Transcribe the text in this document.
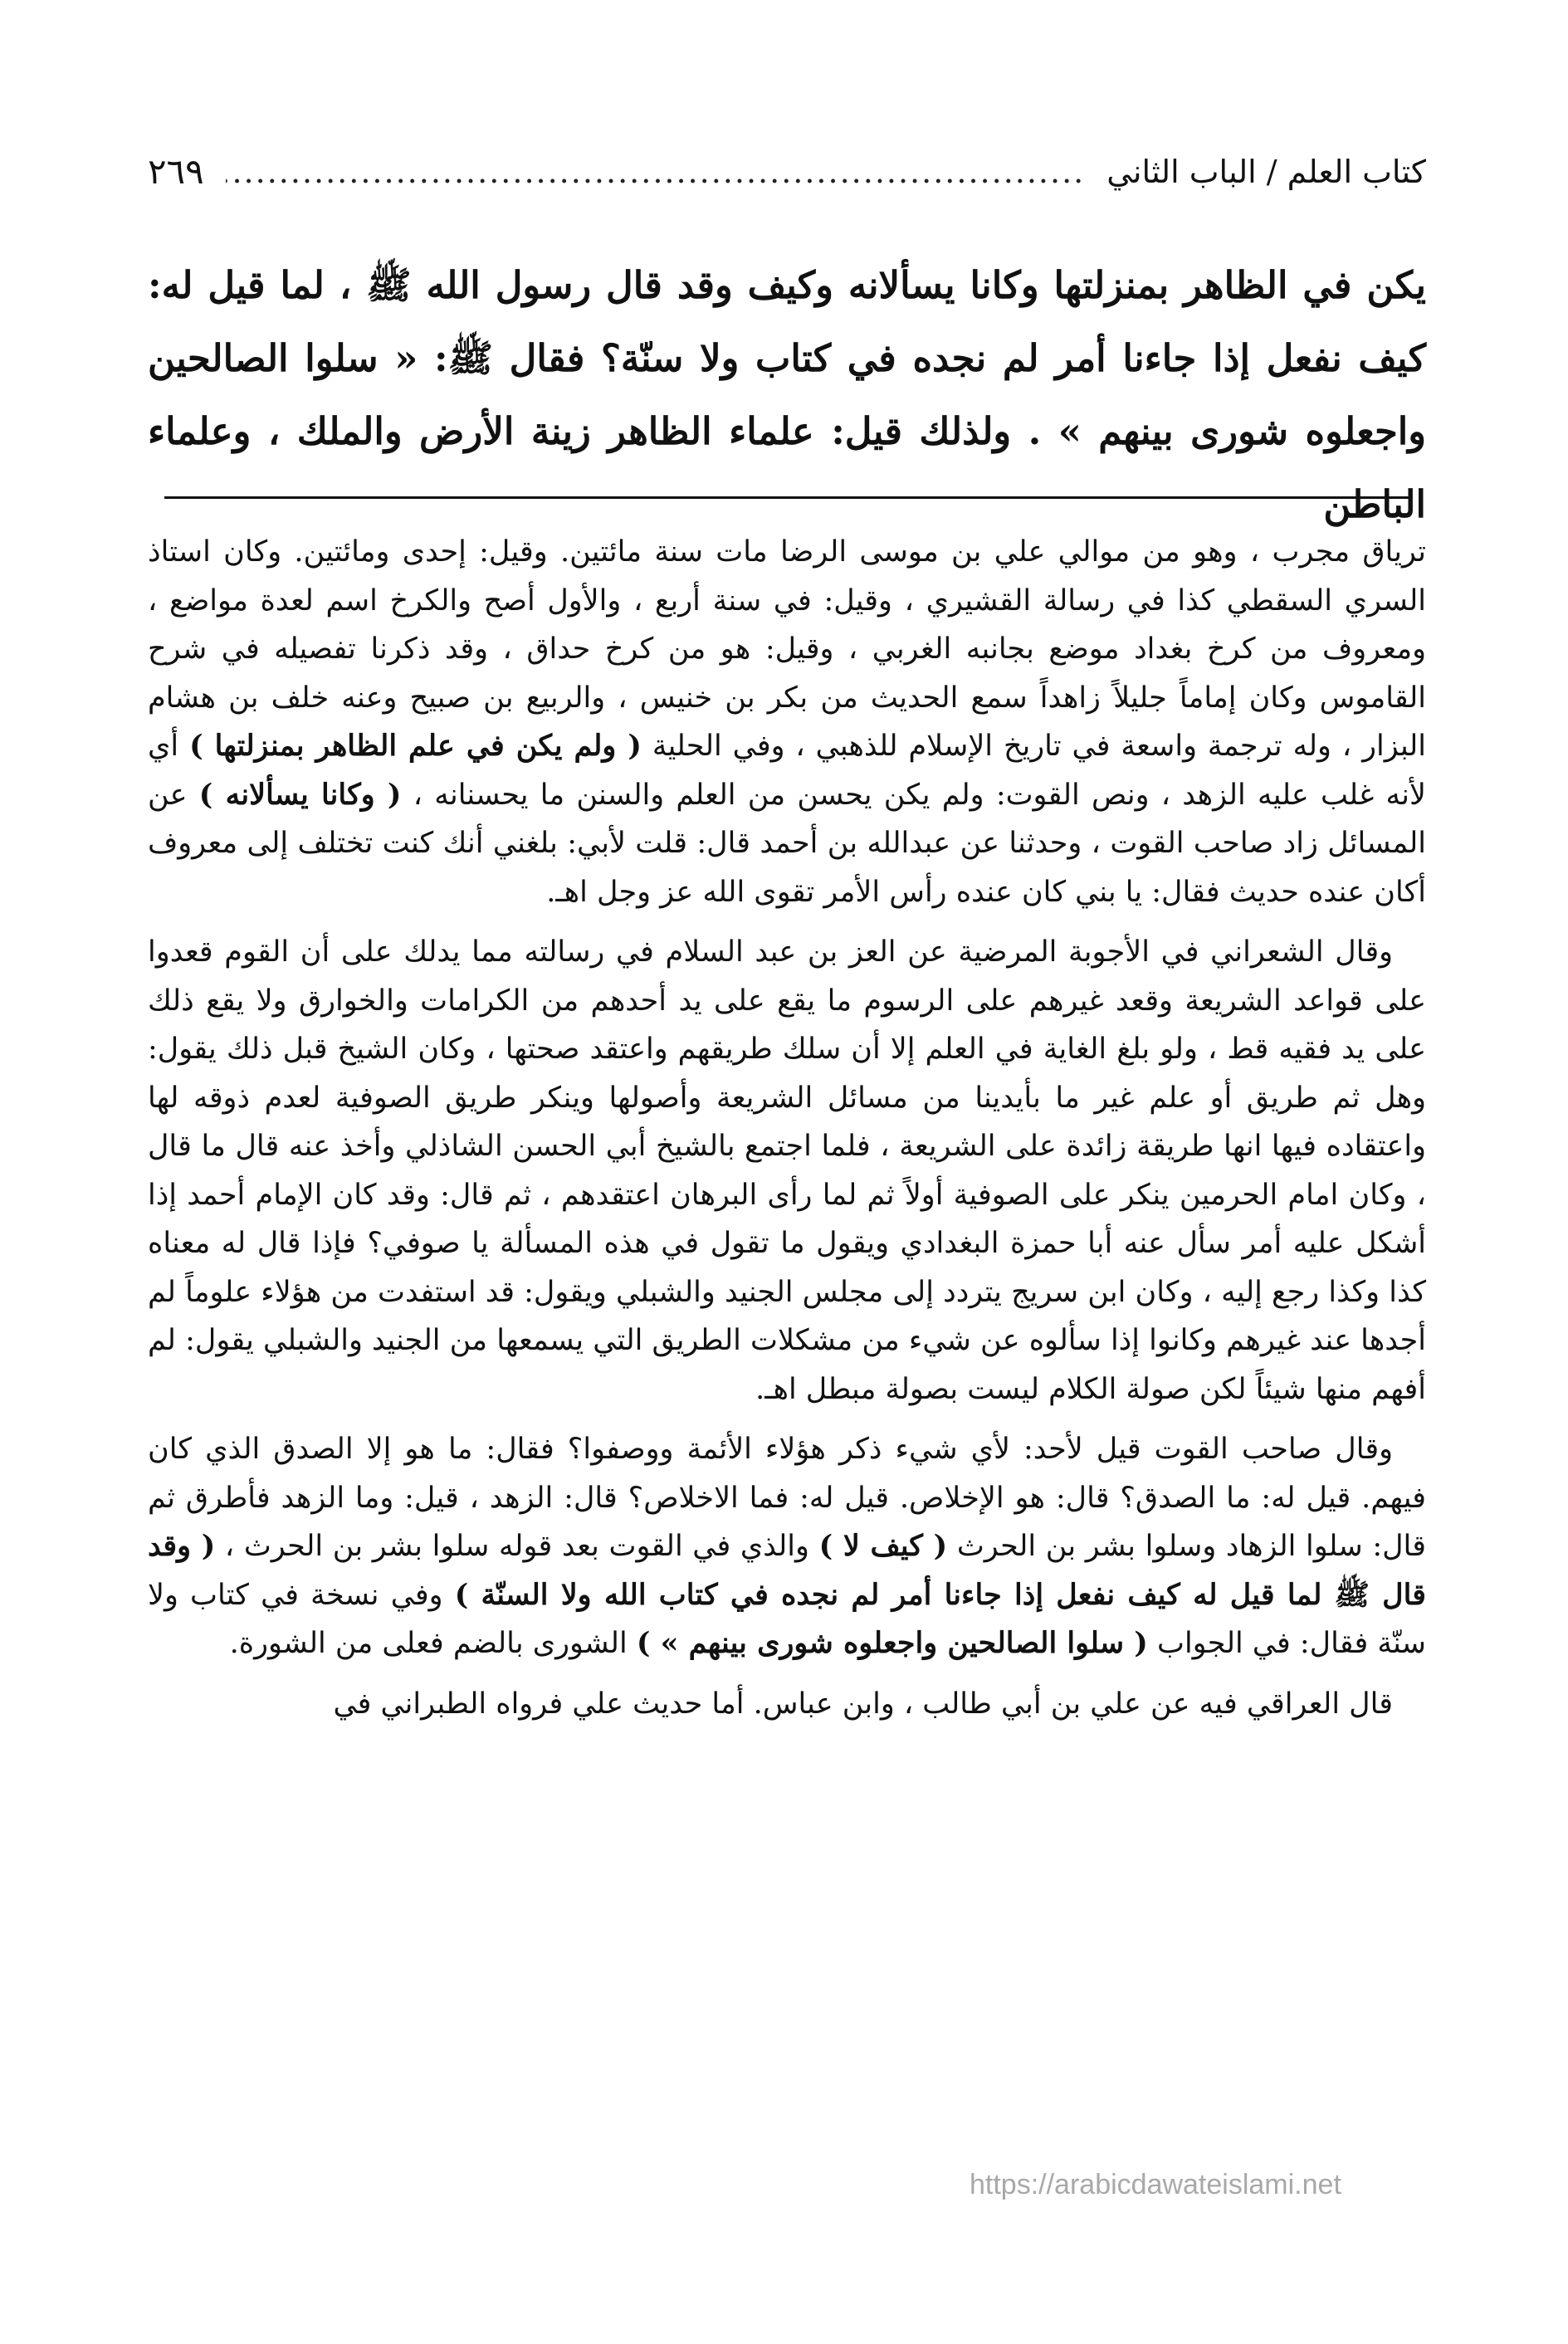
كتاب العلم / الباب الثاني
.....
٢٦٩

يكن في الظاهر بمنزلتها وكانا يسألانه وكيف وقد قال رسول الله ﷺ ، لما قيل له:

كيف نفعل إذا جاءنا أمر لم نجده في كتاب ولا سنّة؟ فقال ﷺ: « سلوا الصالحين

واجعلوه شورى بينهم » . ولذلك قيل: علماء الظاهر زينة الأرض والملك ، وعلماء الباطن

ترياق مجرب ، وهو من موالي علي بن موسى الرضا مات سنة مائتين. وقيل: إحدى ومائتين. وكان استاذ السري السقطي كذا في رسالة القشيري ، وقيل: في سنة أربع ، والأول أصح والكرخ اسم لعدة مواضع ، ومعروف من كرخ بغداد موضع بجانبه الغربي ، وقيل: هو من كرخ حداق ، وقد ذكرنا تفصيله في شرح القاموس وكان إماماً جليلاً زاهداً سمع الحديث من بكر بن خنيس ، والربيع بن صبيح وعنه خلف بن هشام البزار ، وله ترجمة واسعة في تاريخ الإسلام للذهبي ، وفي الحلية ( ولم يكن في علم الظاهر بمنزلتها ) أي لأنه غلب عليه الزهد ، ونص القوت: ولم يكن يحسن من العلم والسنن ما يحسنانه ، ( وكانا يسألانه ) عن المسائل زاد صاحب القوت ، وحدثنا عن عبدالله بن أحمد قال: قلت لأبي: بلغني أنك كنت تختلف إلى معروف أكان عنده حديث فقال: يا بني كان عنده رأس الأمر تقوى الله عز وجل اهـ.

وقال الشعراني في الأجوبة المرضية عن العز بن عبد السلام في رسالته مما يدلك على أن القوم قعدوا على قواعد الشريعة وقعد غيرهم على الرسوم ما يقع على يد أحدهم من الكرامات والخوارق ولا يقع ذلك على يد فقيه قط ، ولو بلغ الغاية في العلم إلا أن سلك طريقهم واعتقد صحتها ، وكان الشيخ قبل ذلك يقول: وهل ثم طريق أو علم غير ما بأيدينا من مسائل الشريعة وأصولها وينكر طريق الصوفية لعدم ذوقه لها واعتقاده فيها انها طريقة زائدة على الشريعة ، فلما اجتمع بالشيخ أبي الحسن الشاذلي وأخذ عنه قال ما قال ، وكان امام الحرمين ينكر على الصوفية أولاً ثم لما رأى البرهان اعتقدهم ، ثم قال: وقد كان الإمام أحمد إذا أشكل عليه أمر سأل عنه أبا حمزة البغدادي ويقول ما تقول في هذه المسألة يا صوفي؟ فإذا قال له معناه كذا وكذا رجع إليه ، وكان ابن سريج يتردد إلى مجلس الجنيد والشبلي ويقول: قد استفدت من هؤلاء علوماً لم أجدها عند غيرهم وكانوا إذا سألوه عن شيء من مشكلات الطريق التي يسمعها من الجنيد والشبلي يقول: لم أفهم منها شيئاً لكن صولة الكلام ليست بصولة مبطل اهـ.

وقال صاحب القوت قيل لأحد: لأي شيء ذكر هؤلاء الأئمة ووصفوا؟ فقال: ما هو إلا الصدق الذي كان فيهم. قيل له: ما الصدق؟ قال: هو الإخلاص. قيل له: فما الاخلاص؟ قال: الزهد ، قيل: وما الزهد فأطرق ثم قال: سلوا الزهاد وسلوا بشر بن الحرث ( كيف لا ) والذي في القوت بعد قوله سلوا بشر بن الحرث ، ( وقد قال ﷺ لما قيل له كيف نفعل إذا جاءنا أمر لم نجده في كتاب الله ولا السنّة ) وفي نسخة في كتاب ولا سنّة فقال: في الجواب ( سلوا الصالحين واجعلوه شورى بينهم » ) الشورى بالضم فعلى من الشورة.

قال العراقي فيه عن علي بن أبي طالب ، وابن عباس. أما حديث علي فرواه الطبراني في

https://arabicdawateislami.net
